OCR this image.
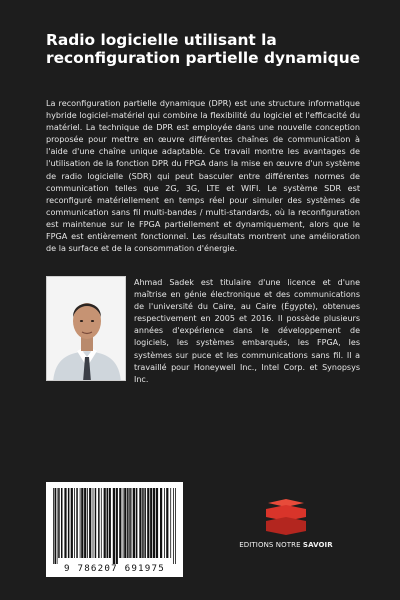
Radio logicielle utilisant la reconfiguration partielle dynamique

La reconfiguration partielle dynamique (DPR) est une structure informatique hybride logiciel-matériel qui combine la flexibilité du logiciel et l'efficacité du matériel. La technique de DPR est employée dans une nouvelle conception proposée pour mettre en œuvre différentes chaînes de communication à l'aide d'une chaîne unique adaptable. Ce travail montre les avantages de l'utilisation de la fonction DPR du FPGA dans la mise en œuvre d'un système de radio logicielle (SDR) qui peut basculer entre différentes normes de communication telles que 2G, 3G, LTE et WIFI. Le système SDR est reconfiguré matériellement en temps réel pour simuler des systèmes de communication sans fil multi-bandes / multi-standards, où la reconfiguration est maintenue sur le FPGA partiellement et dynamiquement, alors que le FPGA est entièrement fonctionnel. Les résultats montrent une amélioration de la surface et de la consommation d'énergie.

Ahmad Sadek est titulaire d'une licence et d'une maîtrise en génie électronique et des communications de l'université du Caire, au Caire (Égypte), obtenues respectivement en 2005 et 2016. Il possède plusieurs années d'expérience dans le développement de logiciels, les systèmes embarqués, les FPGA, les systèmes sur puce et les communications sans fil. Il a travaillé pour Honeywell Inc., Intel Corp. et Synopsys Inc.

9 786207 691975
EDITIONS NOTRE SAVOIR
